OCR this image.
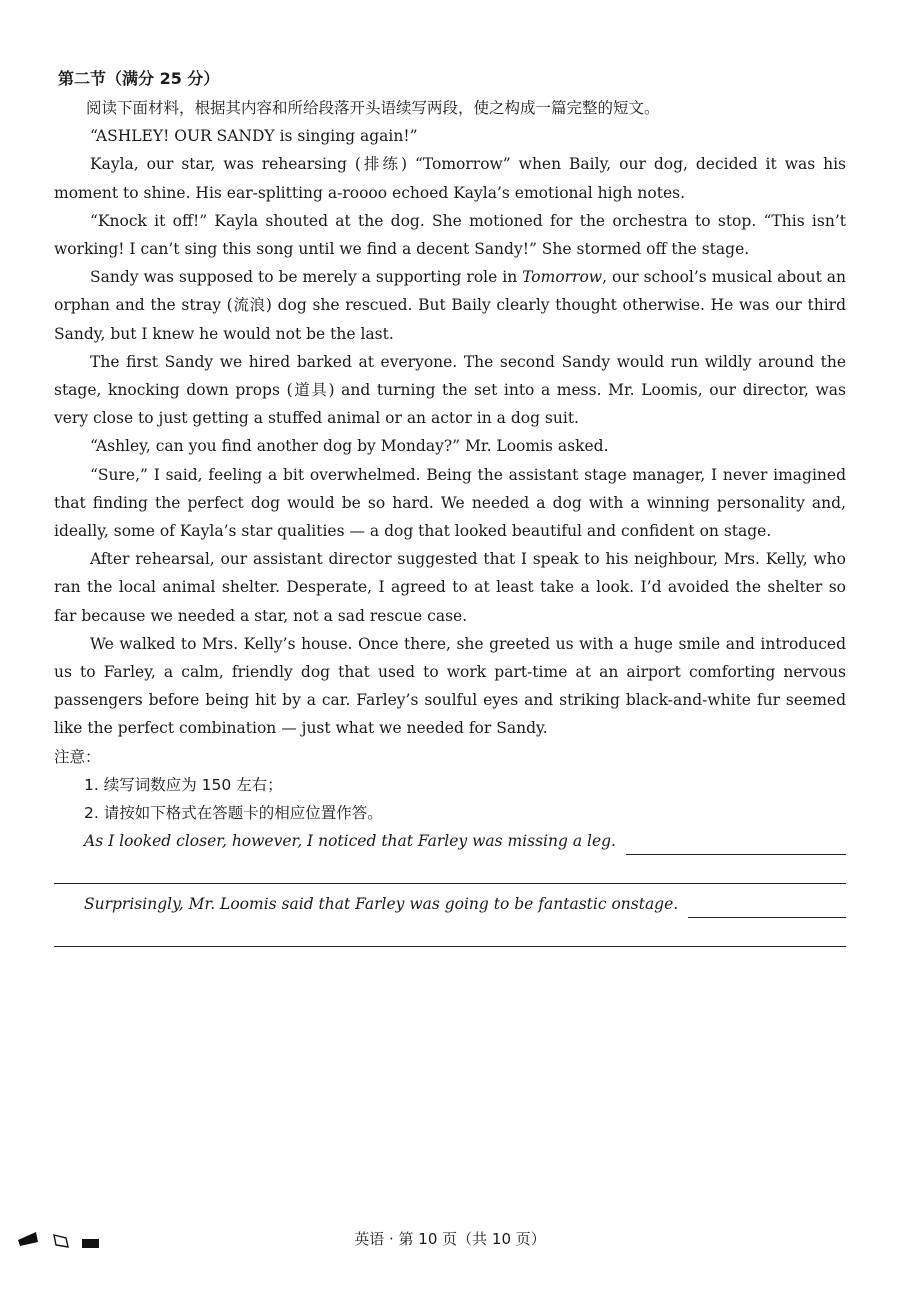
第二节（满分 25 分）

阅读下面材料，根据其内容和所给段落开头语续写两段，使之构成一篇完整的短文。

“ASHLEY! OUR SANDY is singing again!”

Kayla, our star, was rehearsing (排练) “Tomorrow” when Baily, our dog, decided it was his moment to shine. His ear-splitting a-roooo echoed Kayla’s emotional high notes.

“Knock it off!” Kayla shouted at the dog. She motioned for the orchestra to stop. “This isn’t working! I can’t sing this song until we find a decent Sandy!” She stormed off the stage.

Sandy was supposed to be merely a supporting role in Tomorrow, our school’s musical about an orphan and the stray (流浪) dog she rescued. But Baily clearly thought otherwise. He was our third Sandy, but I knew he would not be the last.

The first Sandy we hired barked at everyone. The second Sandy would run wildly around the stage, knocking down props (道具) and turning the set into a mess. Mr. Loomis, our director, was very close to just getting a stuffed animal or an actor in a dog suit.

“Ashley, can you find another dog by Monday?” Mr. Loomis asked.

“Sure,” I said, feeling a bit overwhelmed. Being the assistant stage manager, I never imagined that finding the perfect dog would be so hard. We needed a dog with a winning personality and, ideally, some of Kayla’s star qualities — a dog that looked beautiful and confident on stage.

After rehearsal, our assistant director suggested that I speak to his neighbour, Mrs. Kelly, who ran the local animal shelter. Desperate, I agreed to at least take a look. I’d avoided the shelter so far because we needed a star, not a sad rescue case.

We walked to Mrs. Kelly’s house. Once there, she greeted us with a huge smile and introduced us to Farley, a calm, friendly dog that used to work part-time at an airport comforting nervous passengers before being hit by a car. Farley’s soulful eyes and striking black-and-white fur seemed like the perfect combination — just what we needed for Sandy.

注意：

1. 续写词数应为 150 左右；

2. 请按如下格式在答题卡的相应位置作答。

As I looked closer, however, I noticed that Farley was missing a leg.
Surprisingly, Mr. Loomis said that Farley was going to be fantastic onstage.
英语 · 第 10 页（共 10 页）
